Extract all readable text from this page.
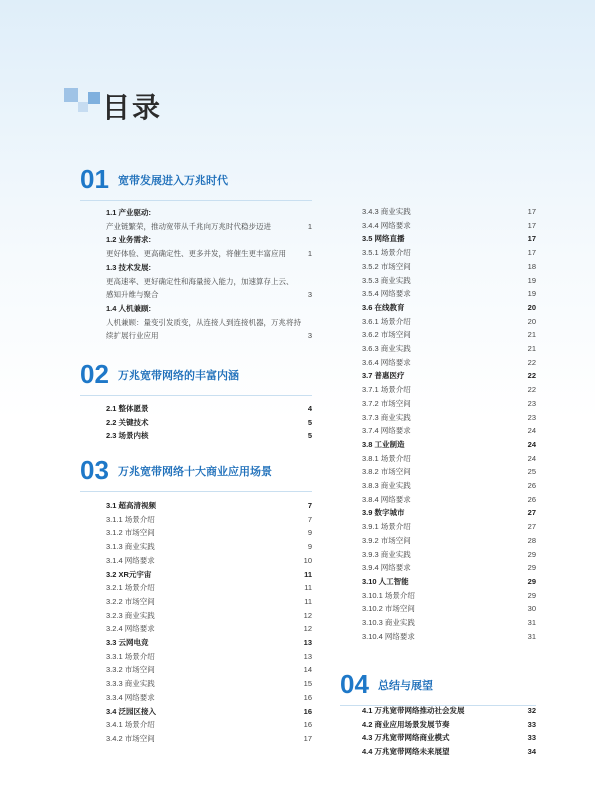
目录
01 宽带发展进入万兆时代
1.1 产业驱动:
产业链繁荣，推动宽带从千兆向万兆时代稳步迈进	1
1.2 业务需求:
更好体验、更高确定性、更多并发，将催生更丰富应用	1
1.3 技术发展:
更高速率、更好确定性和海量接入能力，加速算存上云、
感知升维与聚合	3
1.4 人机兼顾:
人机兼顾：量变引发质变，从连接人到连接机器，万兆将持
续扩展行业应用	3
02 万兆宽带网络的丰富内涵
2.1 整体愿景	4
2.2 关键技术	5
2.3 场景内核	5
03 万兆宽带网络十大商业应用场景
3.1 超高清视频	7
3.1.1 场景介绍	7
3.1.2 市场空间	9
3.1.3 商业实践	9
3.1.4 网络要求	10
3.2 XR元宇宙	11
3.2.1 场景介绍	11
3.2.2 市场空间	11
3.2.3 商业实践	12
3.2.4 网络要求	12
3.3 云网电竞	13
3.3.1 场景介绍	13
3.3.2 市场空间	14
3.3.3 商业实践	15
3.3.4 网络要求	16
3.4 泛园区接入	16
3.4.1 场景介绍	16
3.4.2 市场空间	17
3.4.3 商业实践	17
3.4.4 网络要求	17
3.5 网络直播	17
3.5.1 场景介绍	17
3.5.2 市场空间	18
3.5.3 商业实践	19
3.5.4 网络要求	19
3.6 在线教育	20
3.6.1 场景介绍	20
3.6.2 市场空间	21
3.6.3 商业实践	21
3.6.4 网络要求	22
3.7 普惠医疗	22
3.7.1 场景介绍	22
3.7.2 市场空间	23
3.7.3 商业实践	23
3.7.4 网络要求	24
3.8 工业制造	24
3.8.1 场景介绍	24
3.8.2 市场空间	25
3.8.3 商业实践	26
3.8.4 网络要求	26
3.9 数字城市	27
3.9.1 场景介绍	27
3.9.2 市场空间	28
3.9.3 商业实践	29
3.9.4 网络要求	29
3.10 人工智能	29
3.10.1 场景介绍	29
3.10.2 市场空间	30
3.10.3 商业实践	31
3.10.4 网络要求	31
04 总结与展望
4.1 万兆宽带网络推动社会发展	32
4.2 商业应用场景发展节奏	33
4.3 万兆宽带网络商业模式	33
4.4 万兆宽带网络未来展望	34
